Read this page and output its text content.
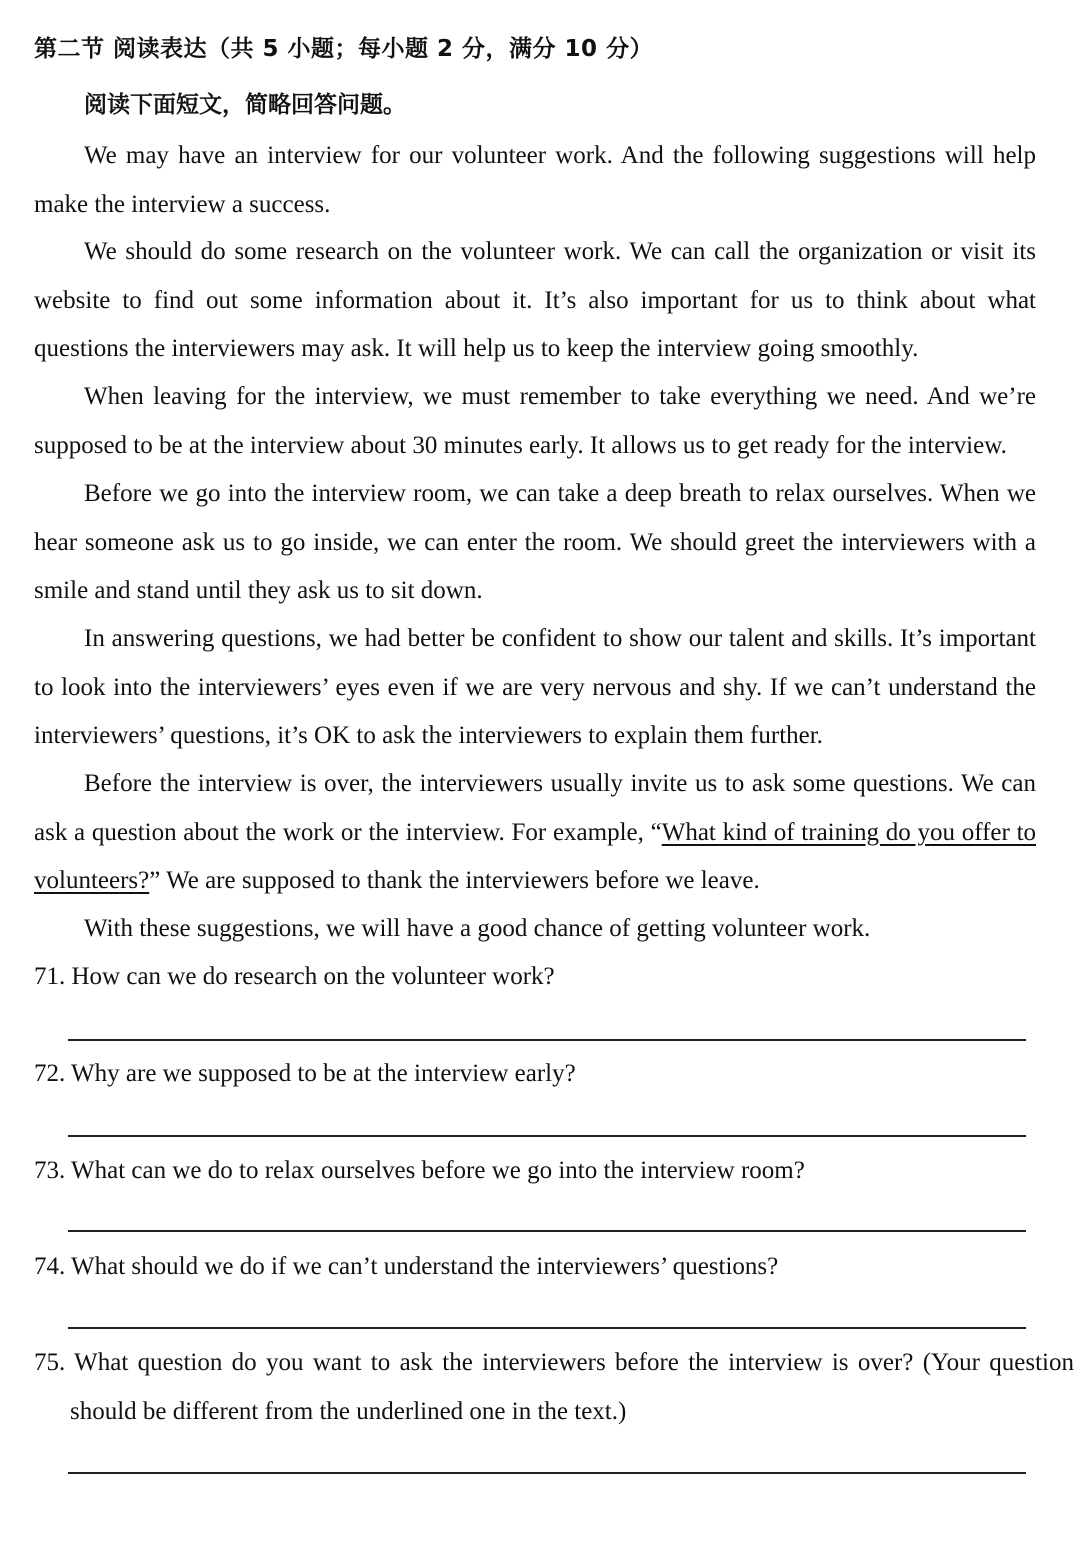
第二节 阅读表达（共 5 小题；每小题 2 分，满分 10 分）
阅读下面短文，简略回答问题。

We may have an interview for our volunteer work. And the following suggestions will help make the interview a success.

We should do some research on the volunteer work. We can call the organization or visit its website to find out some information about it. It’s also important for us to think about what questions the interviewers may ask. It will help us to keep the interview going smoothly.

When leaving for the interview, we must remember to take everything we need. And we’re supposed to be at the interview about 30 minutes early. It allows us to get ready for the interview.

Before we go into the interview room, we can take a deep breath to relax ourselves. When we hear someone ask us to go inside, we can enter the room. We should greet the interviewers with a smile and stand until they ask us to sit down.

In answering questions, we had better be confident to show our talent and skills. It’s important to look into the interviewers’ eyes even if we are very nervous and shy. If we can’t understand the interviewers’ questions, it’s OK to ask the interviewers to explain them further.

Before the interview is over, the interviewers usually invite us to ask some questions. We can ask a question about the work or the interview. For example, “What kind of training do you offer to volunteers?” We are supposed to thank the interviewers before we leave.

With these suggestions, we will have a good chance of getting volunteer work.

71. How can we do research on the volunteer work?

72. Why are we supposed to be at the interview early?

73. What can we do to relax ourselves before we go into the interview room?

74. What should we do if we can’t understand the interviewers’ questions?

75. What question do you want to ask the interviewers before the interview is over? (Your question should be different from the underlined one in the text.)
